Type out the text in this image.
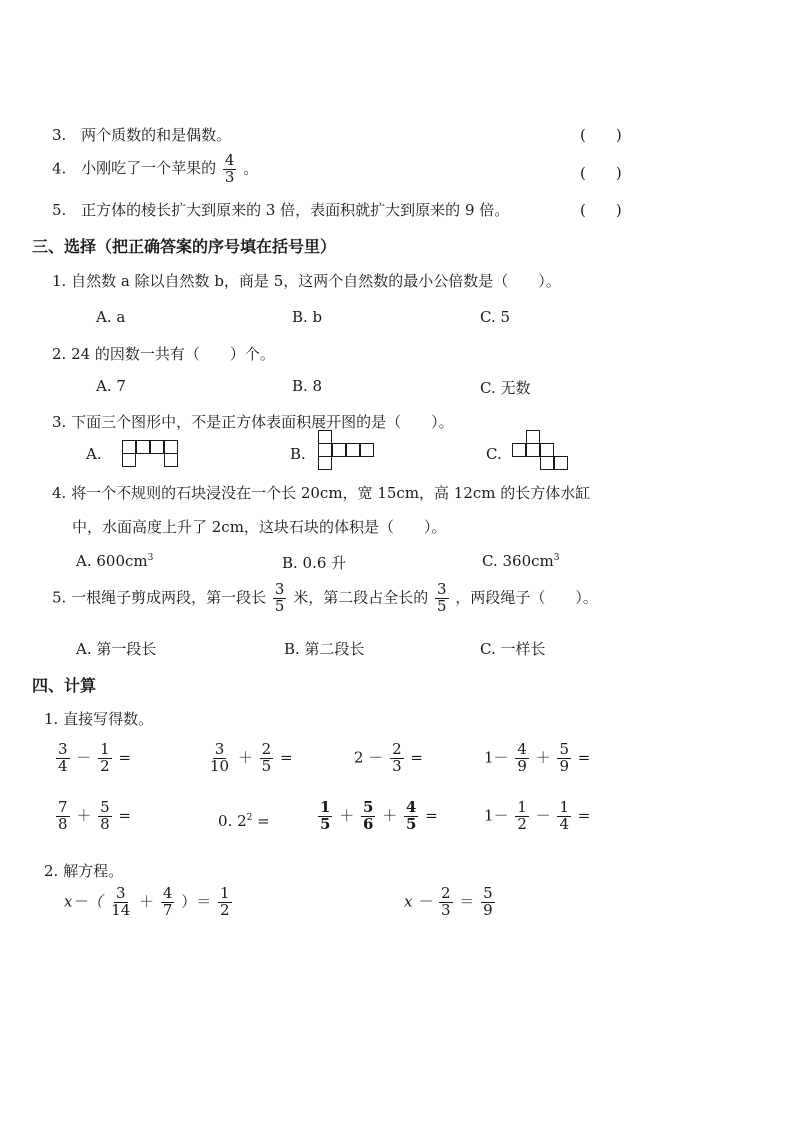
3. 两个质数的和是偶数。	(　　)
4. 小刚吃了一个苹果的 $\frac{4}{3}$ 。	(　　)
5. 正方体的棱长扩大到原来的 3 倍，表面积就扩大到原来的 9 倍。	(　　)
三、选择（把正确答案的序号填在括号里）
1. 自然数 a 除以自然数 b，商是 5，这两个自然数的最小公倍数是（　　）。
A. a	B. b	C. 5
2. 24 的因数一共有（　　）个。
A. 7	B. 8	C. 无数
3. 下面三个图形中，不是正方体表面积展开图的是（　　）。
A.	B.	C.
4. 将一个不规则的石块浸没在一个长 20cm，宽 15cm，高 12cm 的长方体水缸
中，水面高度上升了 2cm，这块石块的体积是（　　）。
A. $600cm^3$	B. 0.6 升	C. $360cm^3$
5. 一根绳子剪成两段，第一段长 $\frac{3}{5}$ 米，第二段占全长的 $\frac{3}{5}$ ，两段绳子（　　）。
A. 第一段长	B. 第二段长	C. 一样长
四、计算
1. 直接写得数。
$\frac{3}{4} - \frac{1}{2}$ =	$\frac{3}{10} + \frac{2}{5}$ =	$2 - \frac{2}{3}$ =	$1- \frac{4}{9} + \frac{5}{9}$ =
$\frac{7}{8} + \frac{5}{8}$ =	0. $2^2$ =	$\frac{1}{5} + \frac{5}{6} + \frac{4}{5}$ =	$1- \frac{1}{2} - \frac{1}{4}$ =
2. 解方程。
$x-( \frac{3}{14} + \frac{4}{7}$ ）＝ $\frac{1}{2}$	$x - \frac{2}{3} = \frac{5}{9}$
